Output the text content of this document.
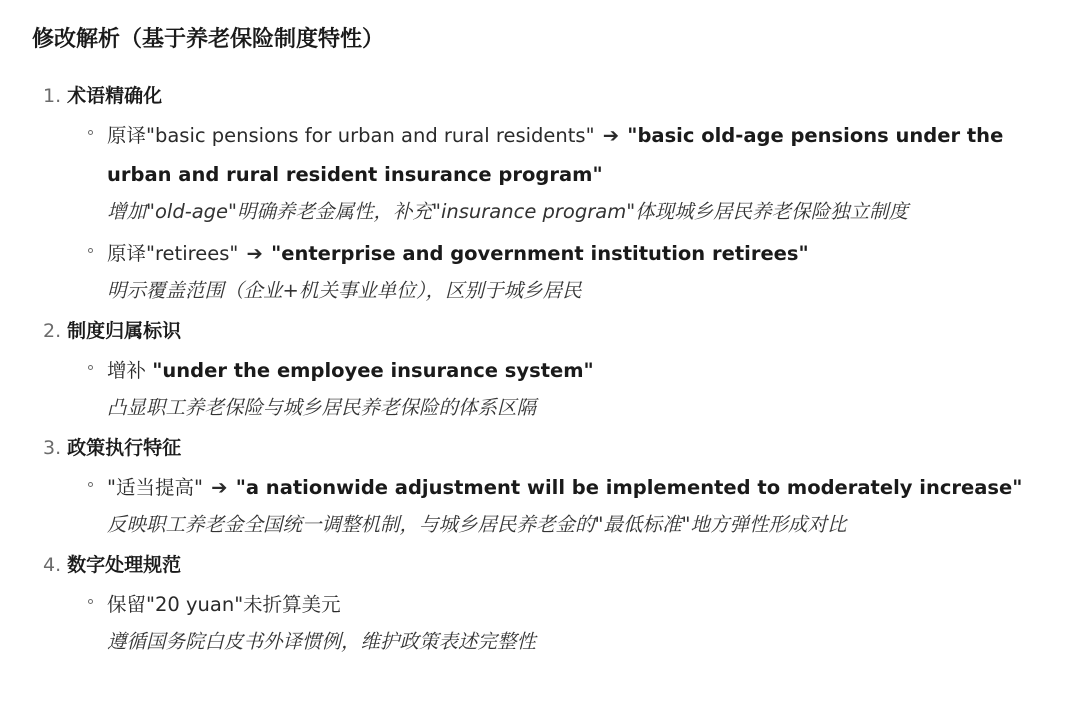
修改解析（基于养老保险制度特性）
1. 术语精确化
原译"basic pensions for urban and rural residents" ➔ "basic old-age pensions under the urban and rural resident insurance program"
增加"old-age"明确养老金属性，补充"insurance program"体现城乡居民养老保险独立制度
原译"retirees" ➔ "enterprise and government institution retirees"
明示覆盖范围（企业+机关事业单位），区别于城乡居民
2. 制度归属标识
增补 "under the employee insurance system"
凸显职工养老保险与城乡居民养老保险的体系区隔
3. 政策执行特征
"适当提高" ➔ "a nationwide adjustment will be implemented to moderately increase"
反映职工养老金全国统一调整机制，与城乡居民养老金的"最低标准"地方弹性形成对比
4. 数字处理规范
保留"20 yuan"未折算美元
遵循国务院白皮书外译惯例，维护政策表述完整性
